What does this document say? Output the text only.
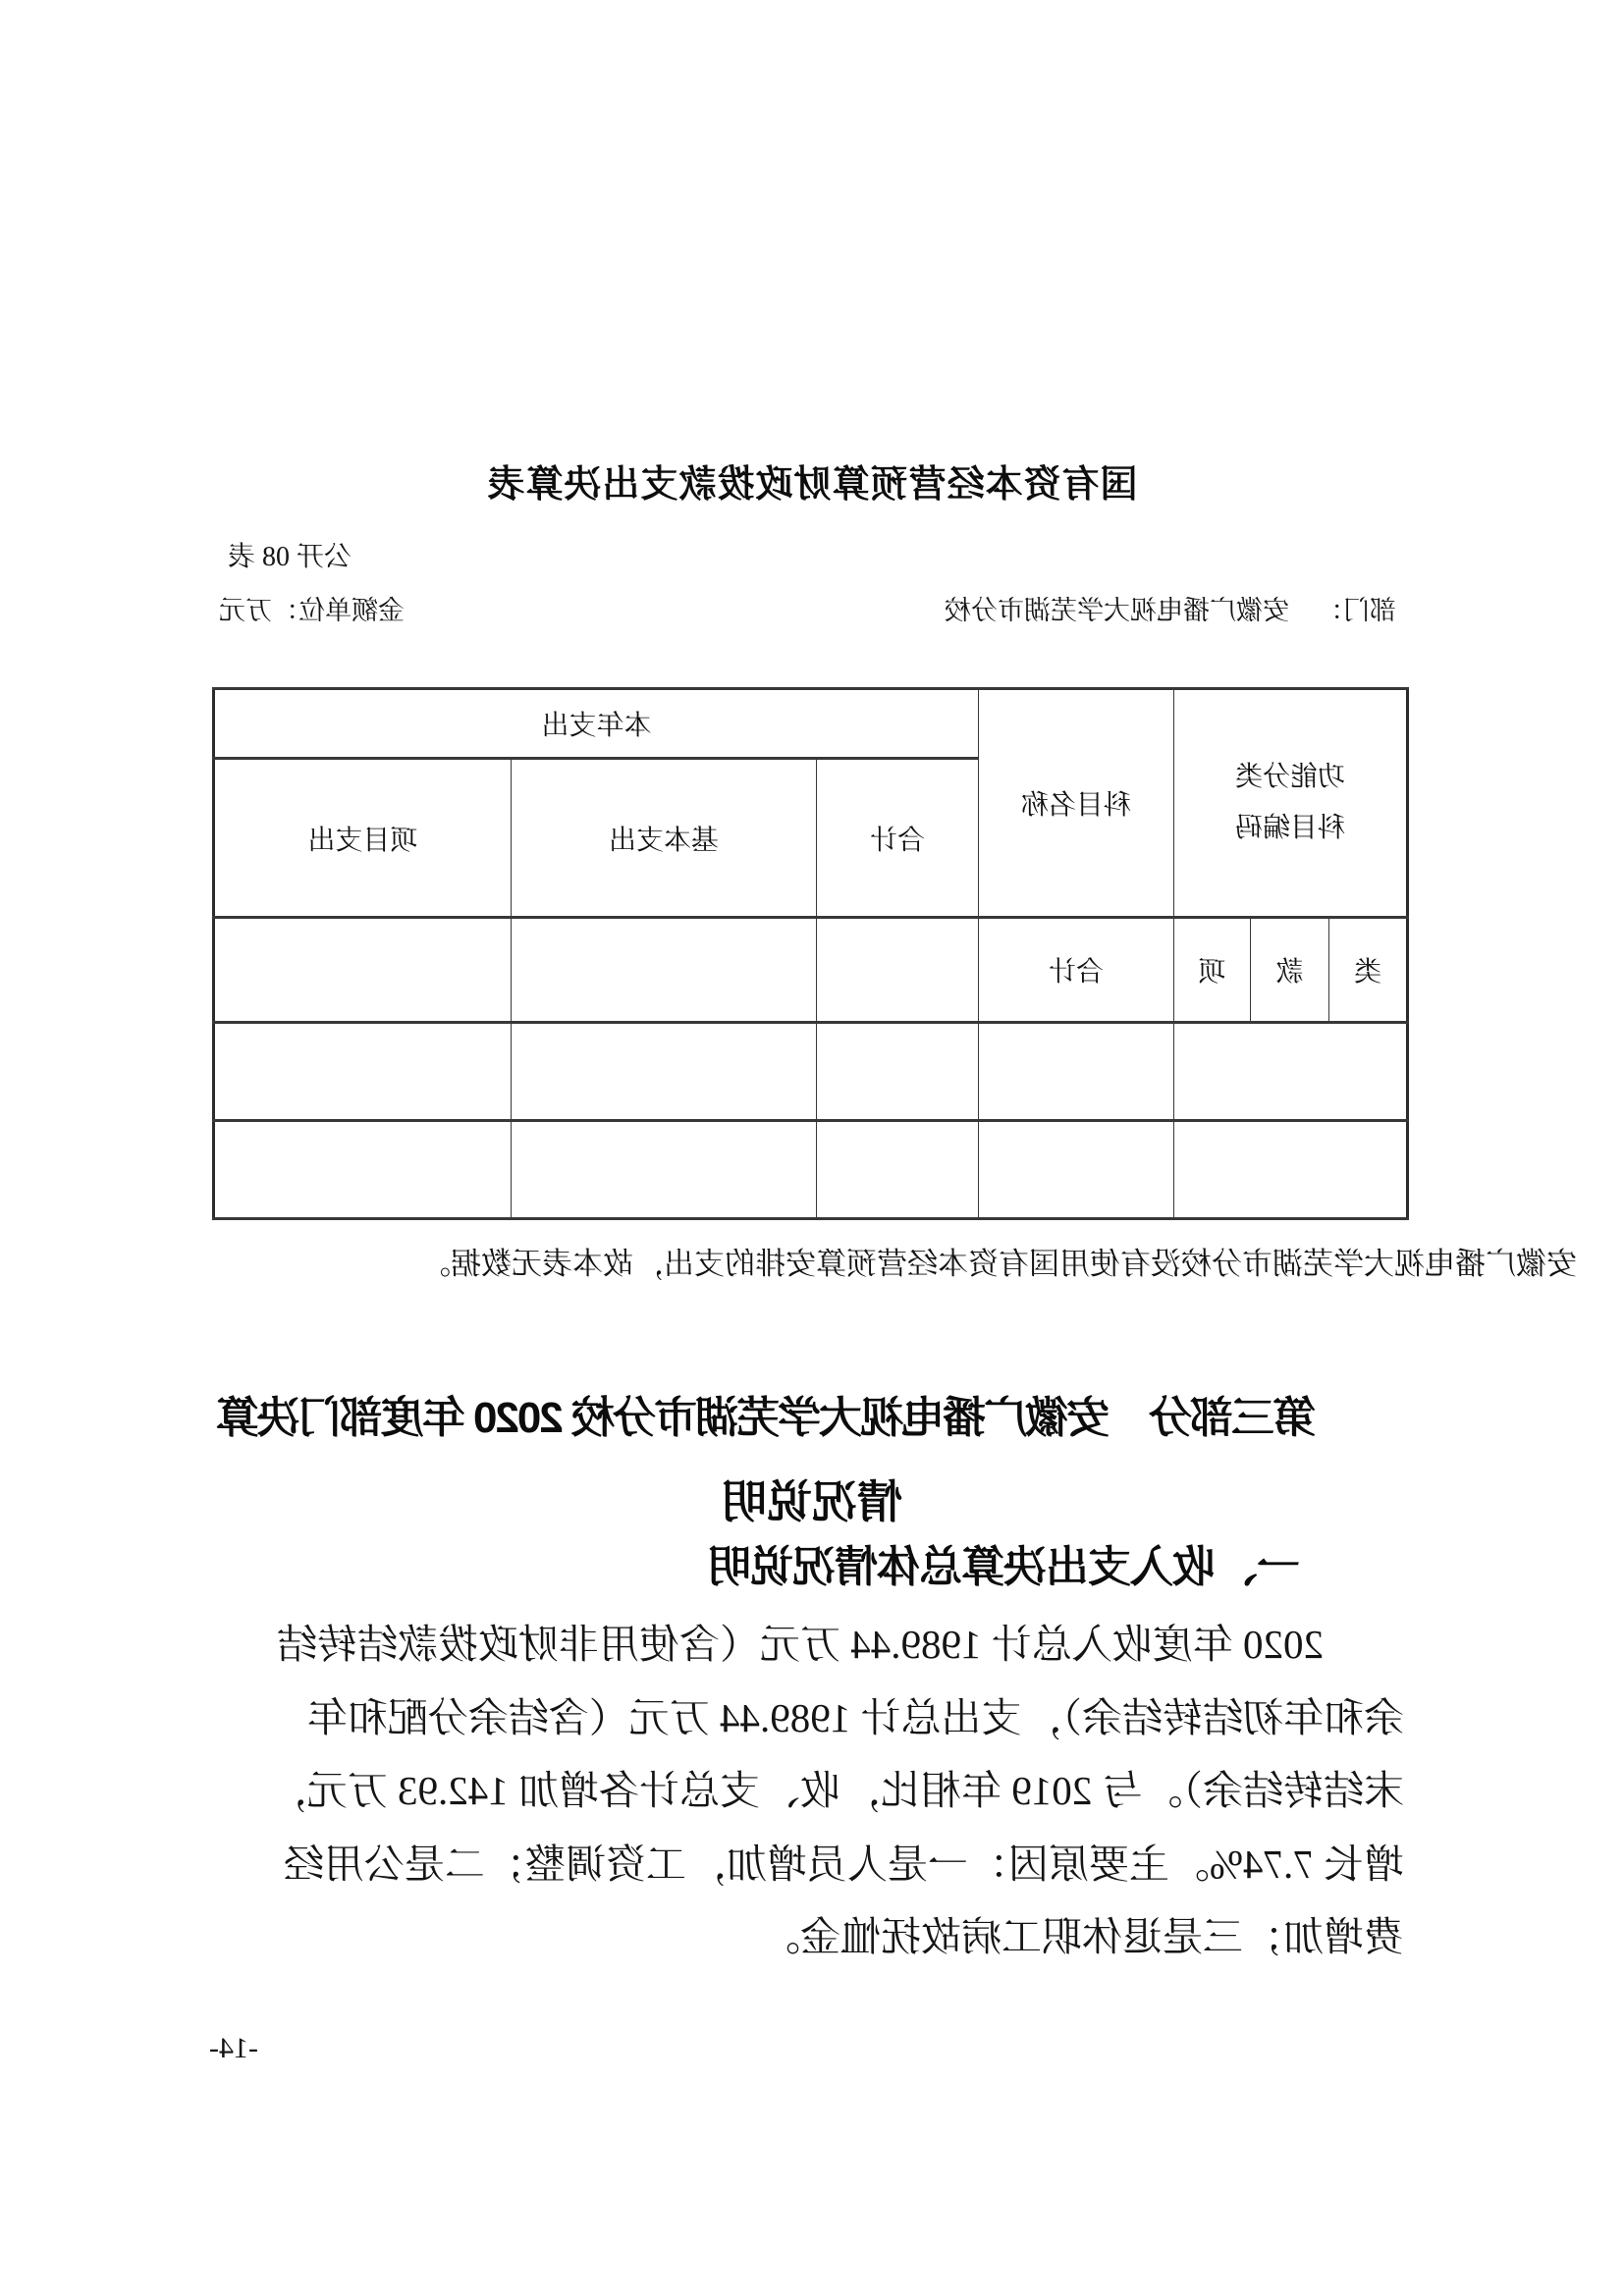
国有资本经营预算财政拨款支出决算表
公开 08 表
部门：安徽广播电视大学芜湖市分校
金额单位：万元
功能分类
科目编码			科目名称	本年支出		
				合计	基本支出	项目支出
类	款	项	合计			

安徽广播电视大学芜湖市分校没有使用国有资本经营预算安排的支出，故本表无数据。
第三部分　安徽广播电视大学芜湖市分校 2020 年度部门决算
情况说明
一、收入支出决算总体情况说明
2020 年度收入总计 1989.44 万元（含使用非财政拨款结转结
余和年初结转结余），支出总计 1989.44 万元（含结余分配和年
末结转结余）。与 2019 年相比，收、支总计各增加 142.93 万元，
增长 7.74%。主要原因：一是人员增加，工资调整；二是公用经
费增加；三是退休职工病故抚恤金。
-14-
